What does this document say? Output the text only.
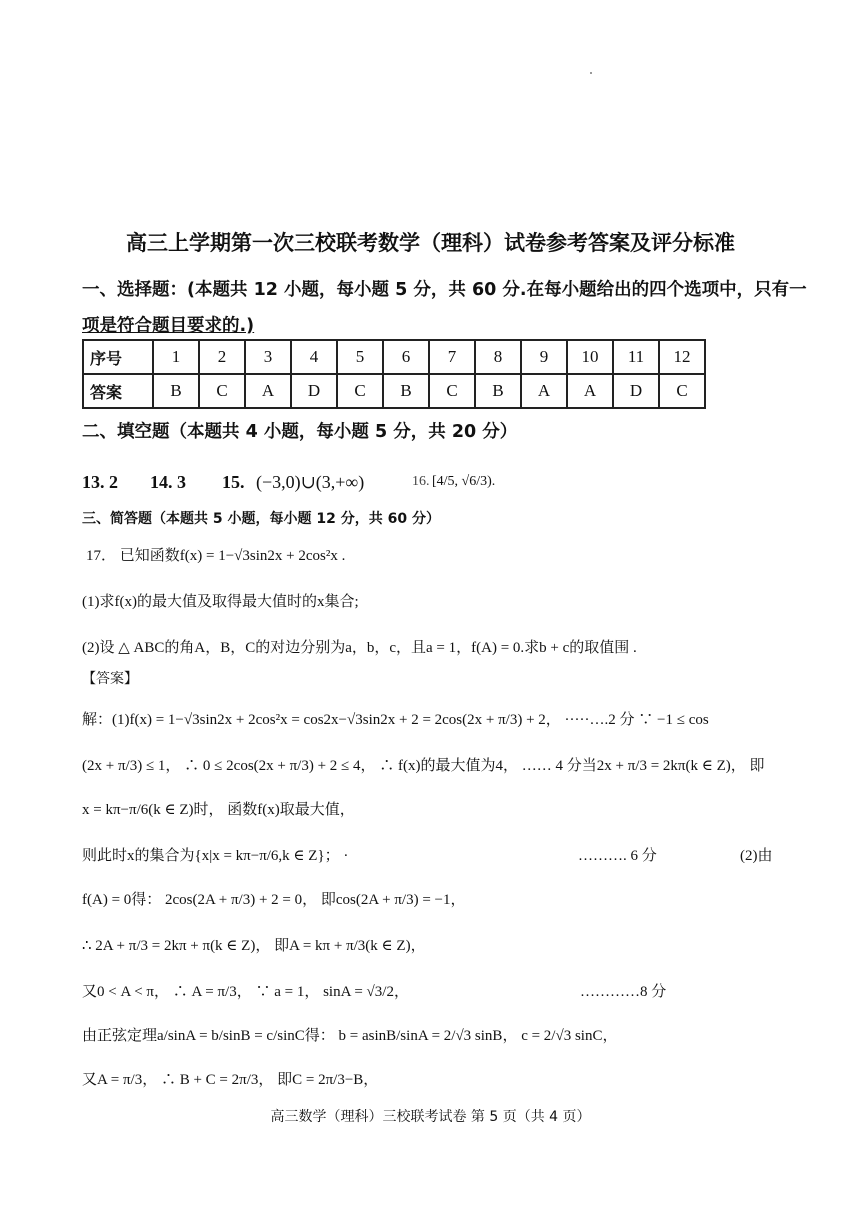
高三上学期第一次三校联考数学（理科）试卷参考答案及评分标准
一、选择题：(本题共 12 小题，每小题 5 分，共 60 分.在每小题给出的四个选项中，只有一
项是符合题目要求的.)
序号	1	2	3	4	5	6	7	8	9	10	11	12
答案	B	C	A	D	C	B	C	B	A	A	D	C
二、填空题（本题共 4 小题，每小题 5 分，共 20 分）
13. 2 14. 3 15. (−3,0)∪(3,+∞)	16. [4/5, √6/3).
三、简答题（本题共 5 小题，每小题 12 分，共 60 分）
17． 已知函数f(x) = 1−√3sin2x + 2cos²x .
(1)求f(x)的最大值及取得最大值时的x集合;
(2)设 △ ABC的角A，B，C的对边分别为a，b，c，且a = 1，f(A) = 0.求b + c的取值围 .
【答案】
解：(1)f(x) = 1−√3sin2x + 2cos²x = cos2x−√3sin2x + 2 = 2cos(2x + π/3) + 2， ·····….2 分 ∵ −1 ≤ cos
(2x + π/3) ≤ 1， ∴ 0 ≤ 2cos(2x + π/3) + 2 ≤ 4， ∴ f(x)的最大值为4， …… 4 分当2x + π/3 = 2kπ(k ∈ Z)， 即
x = kπ−π/6(k ∈ Z)时， 函数f(x)取最大值，
则此时x的集合为{x|x = kπ−π/6,k ∈ Z}； ·	………. 6 分	(2)由
f(A) = 0得： 2cos(2A + π/3) + 2 = 0， 即cos(2A + π/3) = −1，
∴ 2A + π/3 = 2kπ + π(k ∈ Z)， 即A = kπ + π/3(k ∈ Z)，
又0 < A < π， ∴ A = π/3， ∵ a = 1， sinA = √3/2，	…………8 分
由正弦定理a/sinA = b/sinB = c/sinC得： b = asinB/sinA = 2/√3 sinB， c = 2/√3 sinC，
又A = π/3， ∴ B + C = 2π/3， 即C = 2π/3−B，
高三数学（理科）三校联考试卷 第 5 页（共 4 页）
